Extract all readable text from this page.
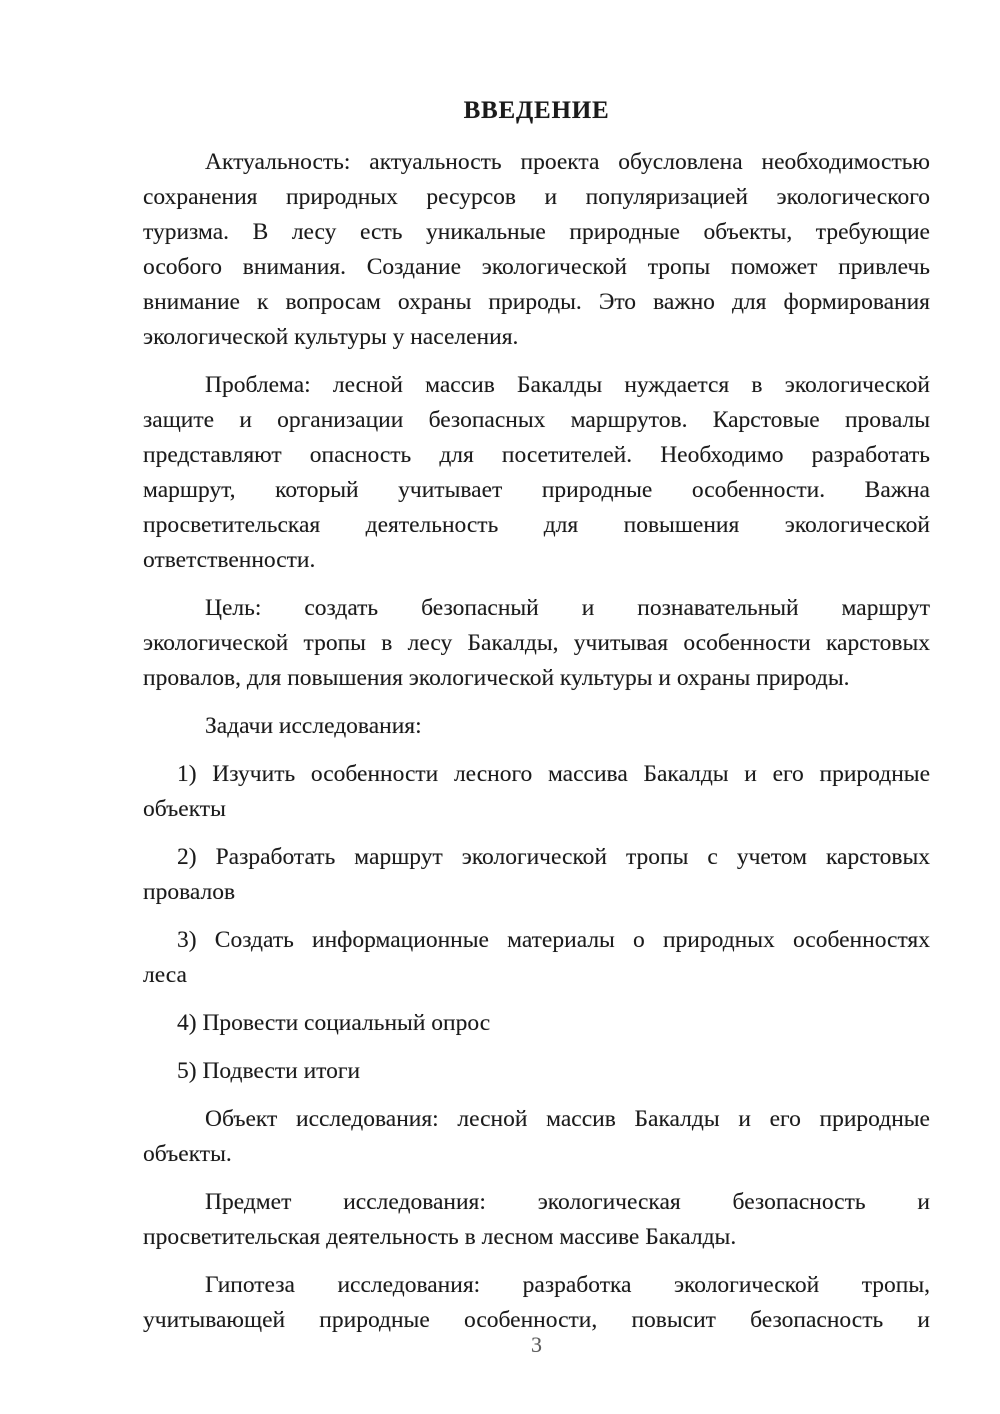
ВВЕДЕНИЕ
Актуальность: актуальность проекта обусловлена необходимостью
сохранения природных ресурсов и популяризацией экологического
туризма. В лесу есть уникальные природные объекты, требующие
особого внимания. Создание экологической тропы поможет привлечь
внимание к вопросам охраны природы. Это важно для формирования
экологической культуры у населения.
Проблема: лесной массив Бакалды нуждается в экологической
защите и организации безопасных маршрутов. Карстовые провалы
представляют опасность для посетителей. Необходимо разработать
маршрут, который учитывает природные особенности. Важна
просветительская деятельность для повышения экологической
ответственности.
Цель: создать безопасный и познавательный маршрут
экологической тропы в лесу Бакалды, учитывая особенности карстовых
провалов, для повышения экологической культуры и охраны природы.
Задачи исследования:
1) Изучить особенности лесного массива Бакалды и его природные
объекты
2) Разработать маршрут экологической тропы с учетом карстовых
провалов
3) Создать информационные материалы о природных особенностях
леса
4) Провести социальный опрос
5) Подвести итоги
Объект исследования: лесной массив Бакалды и его природные
объекты.
Предмет исследования: экологическая безопасность и
просветительская деятельность в лесном массиве Бакалды.
Гипотеза исследования: разработка экологической тропы,
учитывающей природные особенности, повысит безопасность и
3
